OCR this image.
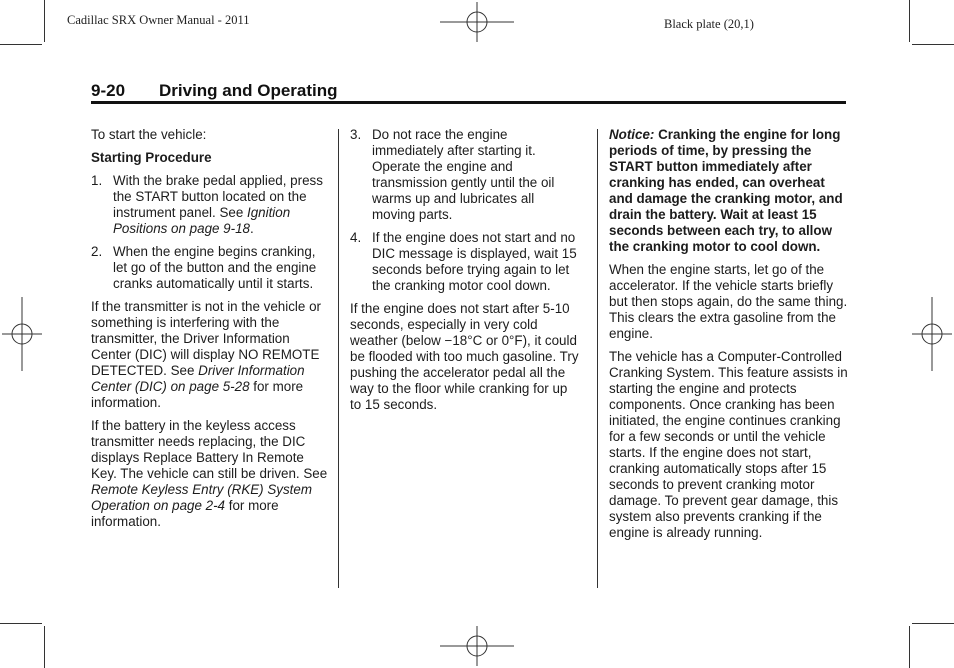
Cadillac SRX Owner Manual - 2011	Black plate (20,1)
9-20 Driving and Operating

To start the vehicle:

Starting Procedure

1. With the brake pedal applied, press the START button located on the instrument panel. See Ignition Positions on page 9-18.
2. When the engine begins cranking, let go of the button and the engine cranks automatically until it starts.

If the transmitter is not in the vehicle or something is interfering with the transmitter, the Driver Information Center (DIC) will display NO REMOTE DETECTED. See Driver Information Center (DIC) on page 5-28 for more information.

If the battery in the keyless access transmitter needs replacing, the DIC displays Replace Battery In Remote Key. The vehicle can still be driven. See Remote Keyless Entry (RKE) System Operation on page 2-4 for more information.

3. Do not race the engine immediately after starting it. Operate the engine and transmission gently until the oil warms up and lubricates all moving parts.
4. If the engine does not start and no DIC message is displayed, wait 15 seconds before trying again to let the cranking motor cool down.

If the engine does not start after 5-10 seconds, especially in very cold weather (below −18°C or 0°F), it could be flooded with too much gasoline. Try pushing the accelerator pedal all the way to the floor while cranking for up to 15 seconds.

Notice: Cranking the engine for long periods of time, by pressing the START button immediately after cranking has ended, can overheat and damage the cranking motor, and drain the battery. Wait at least 15 seconds between each try, to allow the cranking motor to cool down.

When the engine starts, let go of the accelerator. If the vehicle starts briefly but then stops again, do the same thing. This clears the extra gasoline from the engine.

The vehicle has a Computer-Controlled Cranking System. This feature assists in starting the engine and protects components. Once cranking has been initiated, the engine continues cranking for a few seconds or until the vehicle starts. If the engine does not start, cranking automatically stops after 15 seconds to prevent cranking motor damage. To prevent gear damage, this system also prevents cranking if the engine is already running.
